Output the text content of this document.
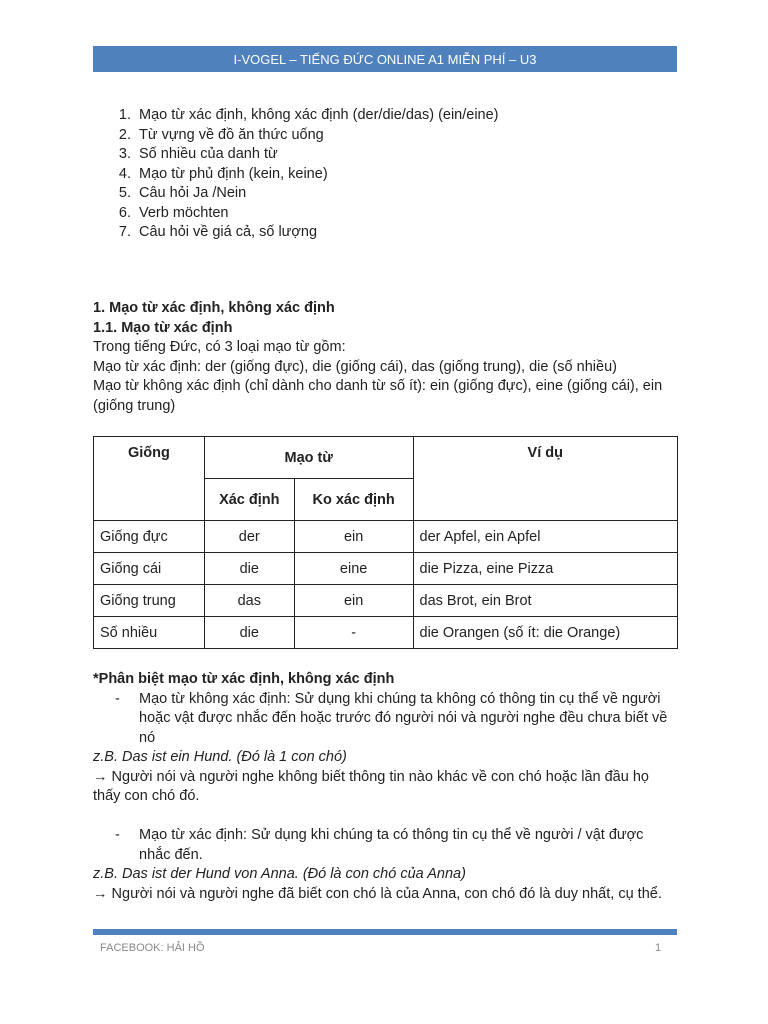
I-VOGEL – TIẾNG ĐỨC ONLINE A1 MIỄN PHÍ – U3
1. Mạo từ xác định, không xác định (der/die/das) (ein/eine)
2. Từ vựng về đồ ăn thức uống
3. Số nhiều của danh từ
4. Mạo từ phủ định (kein, keine)
5. Câu hỏi Ja /Nein
6. Verb möchten
7. Câu hỏi về giá cả, số lượng

1. Mạo từ xác định, không xác định

1.1. Mạo từ xác định

Trong tiếng Đức, có 3 loại mạo từ gồm:

Mạo từ xác định: der (giống đực), die (giống cái), das (giống trung), die (số nhiều)

Mạo từ không xác định (chỉ dành cho danh từ số ít): ein (giống đực), eine (giống cái), ein (giống trung)

Giống	Mạo từ		Ví dụ
	Xác định	Ko xác định	
Giống đực	der	ein	der Apfel, ein Apfel
Giống cái	die	eine	die Pizza, eine Pizza
Giống trung	das	ein	das Brot, ein Brot
Số nhiều	die	-	die Orangen (số ít: die Orange)

*Phân biệt mạo từ xác định, không xác định

-	Mạo từ không xác định: Sử dụng khi chúng ta không có thông tin cụ thể về người hoặc vật được nhắc đến hoặc trước đó người nói và người nghe đều chưa biết về nó

z.B. Das ist ein Hund. (Đó là 1 con chó)

→ Người nói và người nghe không biết thông tin nào khác về con chó hoặc lần đầu họ thấy con chó đó.

-	Mạo từ xác định: Sử dụng khi chúng ta có thông tin cụ thể về người / vật được nhắc đến.

z.B. Das ist der Hund von Anna. (Đó là con chó của Anna)

→ Người nói và người nghe đã biết con chó là của Anna, con chó đó là duy nhất, cụ thể.

FACEBOOK: HẢI HỒ	1
